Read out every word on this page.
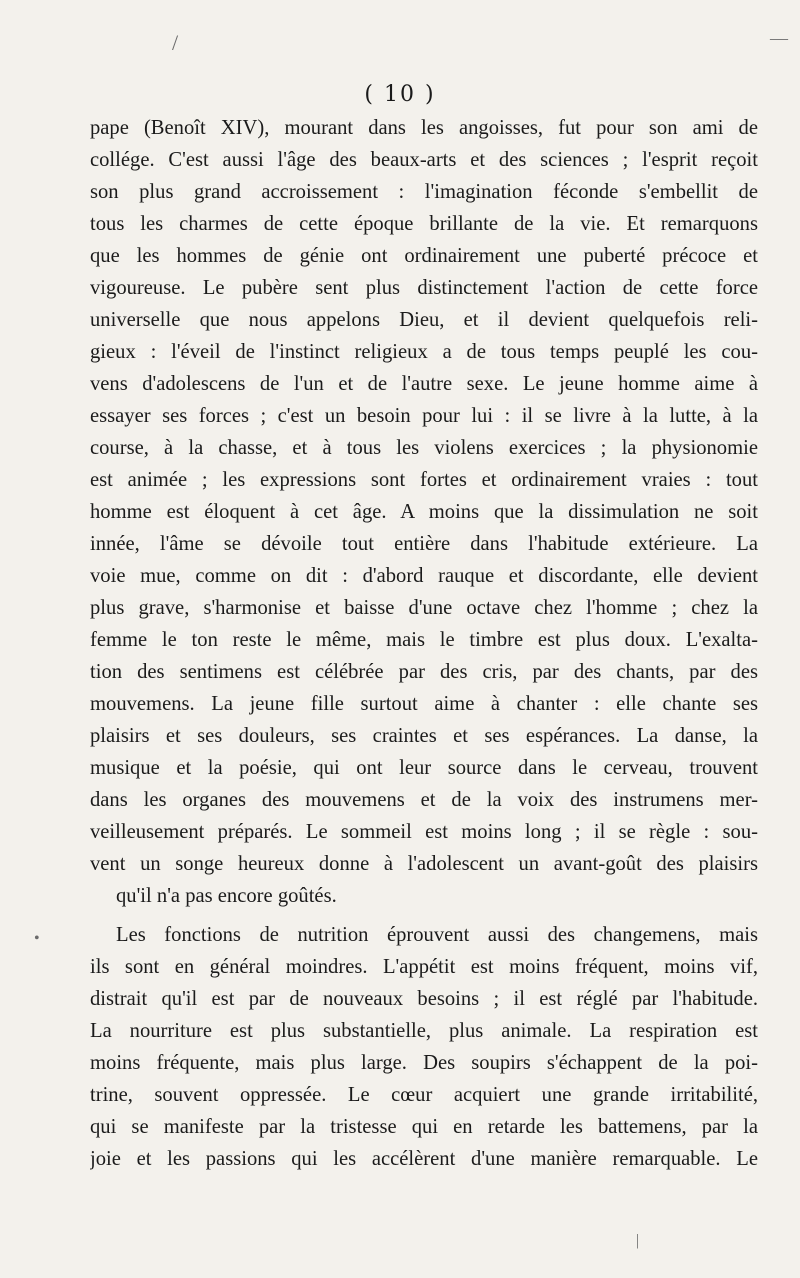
/	—
•
|
( 10 )
pape (Benoît XIV), mourant dans les angoisses, fut pour son ami de
collége. C'est aussi l'âge des beaux-arts et des sciences ; l'esprit reçoit
son plus grand accroissement : l'imagination féconde s'embellit de
tous les charmes de cette époque brillante de la vie. Et remarquons
que les hommes de génie ont ordinairement une puberté précoce et
vigoureuse. Le pubère sent plus distinctement l'action de cette force
universelle que nous appelons Dieu, et il devient quelquefois reli-
gieux : l'éveil de l'instinct religieux a de tous temps peuplé les cou-
vens d'adolescens de l'un et de l'autre sexe. Le jeune homme aime à
essayer ses forces ; c'est un besoin pour lui : il se livre à la lutte, à la
course, à la chasse, et à tous les violens exercices ; la physionomie
est animée ; les expressions sont fortes et ordinairement vraies : tout
homme est éloquent à cet âge. A moins que la dissimulation ne soit
innée, l'âme se dévoile tout entière dans l'habitude extérieure. La
voie mue, comme on dit : d'abord rauque et discordante, elle devient
plus grave, s'harmonise et baisse d'une octave chez l'homme ; chez la
femme le ton reste le même, mais le timbre est plus doux. L'exalta-
tion des sentimens est célébrée par des cris, par des chants, par des
mouvemens. La jeune fille surtout aime à chanter : elle chante ses
plaisirs et ses douleurs, ses craintes et ses espérances. La danse, la
musique et la poésie, qui ont leur source dans le cerveau, trouvent
dans les organes des mouvemens et de la voix des instrumens mer-
veilleusement préparés. Le sommeil est moins long ; il se règle : sou-
vent un songe heureux donne à l'adolescent un avant-goût des plaisirs
qu'il n'a pas encore goûtés.
Les fonctions de nutrition éprouvent aussi des changemens, mais
ils sont en général moindres. L'appétit est moins fréquent, moins vif,
distrait qu'il est par de nouveaux besoins ; il est réglé par l'habitude.
La nourriture est plus substantielle, plus animale. La respiration est
moins fréquente, mais plus large. Des soupirs s'échappent de la poi-
trine, souvent oppressée. Le cœur acquiert une grande irritabilité,
qui se manifeste par la tristesse qui en retarde les battemens, par la
joie et les passions qui les accélèrent d'une manière remarquable. Le
